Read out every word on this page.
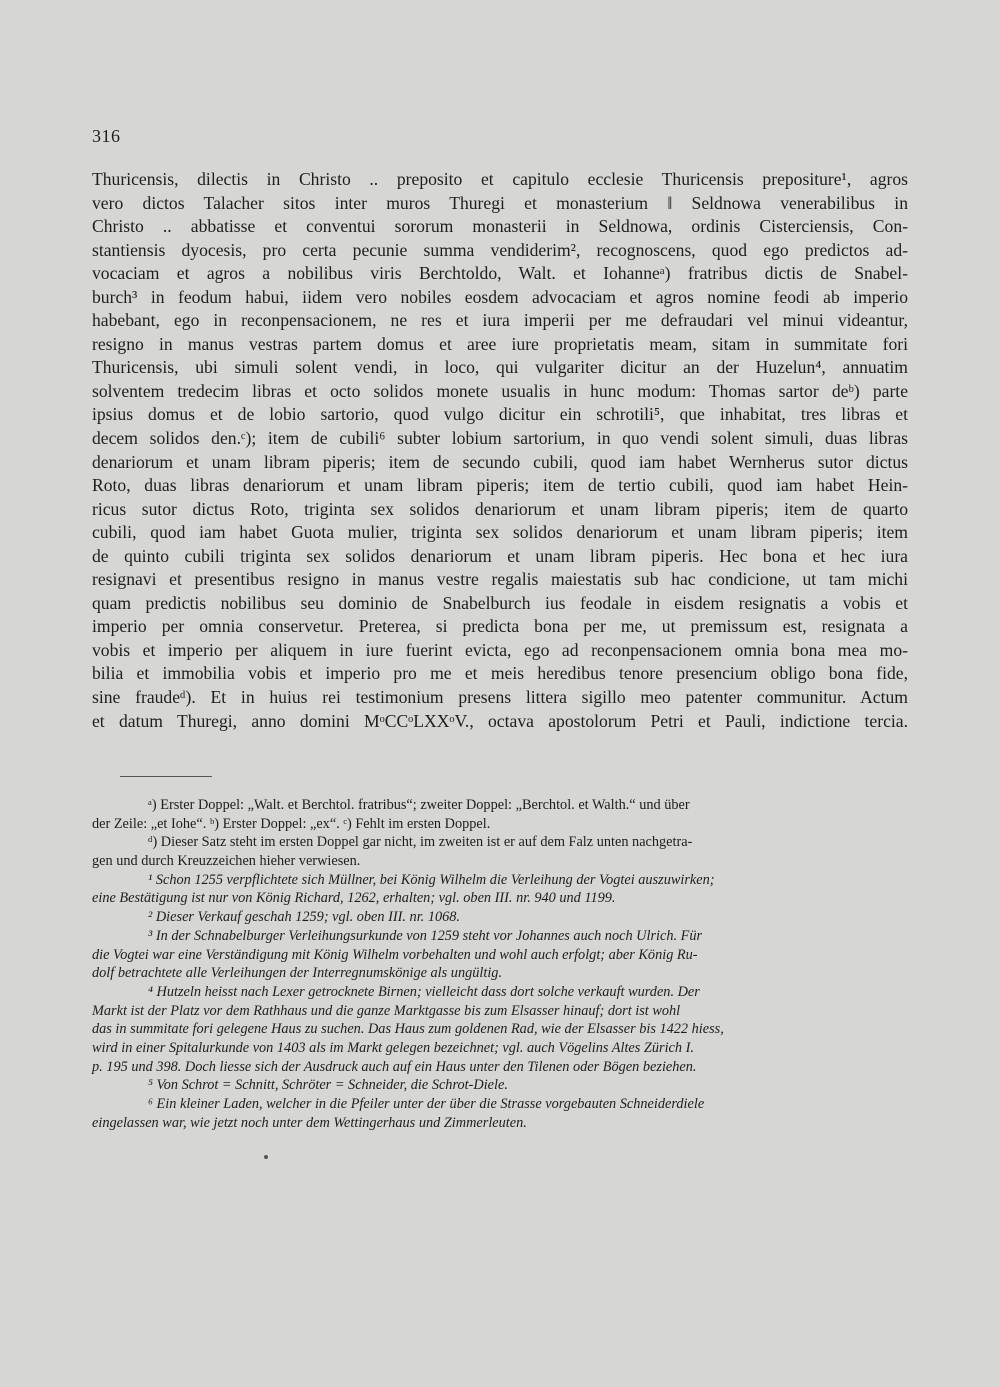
316
Thuricensis, dilectis in Christo .. preposito et capitulo ecclesie Thuricensis prepositure¹, agros
vero dictos Talacher sitos inter muros Thuregi et monasterium ‖ Seldnowa venerabilibus in
Christo .. abbatisse et conventui sororum monasterii in Seldnowa, ordinis Cisterciensis, Con-
stantiensis dyocesis, pro certa pecunie summa vendiderim², recognoscens, quod ego predictos ad-
vocaciam et agros a nobilibus viris Berchtoldo, Walt. et Iohanneᵃ) fratribus dictis de Snabel-
burch³ in feodum habui, iidem vero nobiles eosdem advocaciam et agros nomine feodi ab imperio
habebant, ego in reconpensacionem, ne res et iura imperii per me defraudari vel minui videantur,
resigno in manus vestras partem domus et aree iure proprietatis meam, sitam in summitate fori
Thuricensis, ubi simuli solent vendi, in loco, qui vulgariter dicitur an der Huzelun⁴, annuatim
solventem tredecim libras et octo solidos monete usualis in hunc modum: Thomas sartor deᵇ) parte
ipsius domus et de lobio sartorio, quod vulgo dicitur ein schrotili⁵, que inhabitat, tres libras et
decem solidos den.ᶜ); item de cubili⁶ subter lobium sartorium, in quo vendi solent simuli, duas libras
denariorum et unam libram piperis; item de secundo cubili, quod iam habet Wernherus sutor dictus
Roto, duas libras denariorum et unam libram piperis; item de tertio cubili, quod iam habet Hein-
ricus sutor dictus Roto, triginta sex solidos denariorum et unam libram piperis; item de quarto
cubili, quod iam habet Guota mulier, triginta sex solidos denariorum et unam libram piperis; item
de quinto cubili triginta sex solidos denariorum et unam libram piperis. Hec bona et hec iura
resignavi et presentibus resigno in manus vestre regalis maiestatis sub hac condicione, ut tam michi
quam predictis nobilibus seu dominio de Snabelburch ius feodale in eisdem resignatis a vobis et
imperio per omnia conservetur. Preterea, si predicta bona per me, ut premissum est, resignata a
vobis et imperio per aliquem in iure fuerint evicta, ego ad reconpensacionem omnia bona mea mo-
bilia et immobilia vobis et imperio pro me et meis heredibus tenore presencium obligo bona fide,
sine fraudeᵈ). Et in huius rei testimonium presens littera sigillo meo patenter communitur. Actum
et datum Thuregi, anno domini MᵒCCᵒLXXᵒV., octava apostolorum Petri et Pauli, indictione tercia.
ᵃ) Erster Doppel: „Walt. et Berchtol. fratribus“; zweiter Doppel: „Berchtol. et Walth.“ und über
der Zeile: „et Iohe“. ᵇ) Erster Doppel: „ex“. ᶜ) Fehlt im ersten Doppel.
ᵈ) Dieser Satz steht im ersten Doppel gar nicht, im zweiten ist er auf dem Falz unten nachgetra-
gen und durch Kreuzzeichen hieher verwiesen.
¹ Schon 1255 verpflichtete sich Müllner, bei König Wilhelm die Verleihung der Vogtei auszuwirken;
eine Bestätigung ist nur von König Richard, 1262, erhalten; vgl. oben III. nr. 940 und 1199.
² Dieser Verkauf geschah 1259; vgl. oben III. nr. 1068.
³ In der Schnabelburger Verleihungsurkunde von 1259 steht vor Johannes auch noch Ulrich. Für
die Vogtei war eine Verständigung mit König Wilhelm vorbehalten und wohl auch erfolgt; aber König Ru-
dolf betrachtete alle Verleihungen der Interregnumskönige als ungültig.
⁴ Hutzeln heisst nach Lexer getrocknete Birnen; vielleicht dass dort solche verkauft wurden. Der
Markt ist der Platz vor dem Rathhaus und die ganze Marktgasse bis zum Elsasser hinauf; dort ist wohl
das in summitate fori gelegene Haus zu suchen. Das Haus zum goldenen Rad, wie der Elsasser bis 1422 hiess,
wird in einer Spitalurkunde von 1403 als im Markt gelegen bezeichnet; vgl. auch Vögelins Altes Zürich I.
p. 195 und 398. Doch liesse sich der Ausdruck auch auf ein Haus unter den Tilenen oder Bögen beziehen.
⁵ Von Schrot = Schnitt, Schröter = Schneider, die Schrot-Diele.
⁶ Ein kleiner Laden, welcher in die Pfeiler unter der über die Strasse vorgebauten Schneiderdiele
eingelassen war, wie jetzt noch unter dem Wettingerhaus und Zimmerleuten.
